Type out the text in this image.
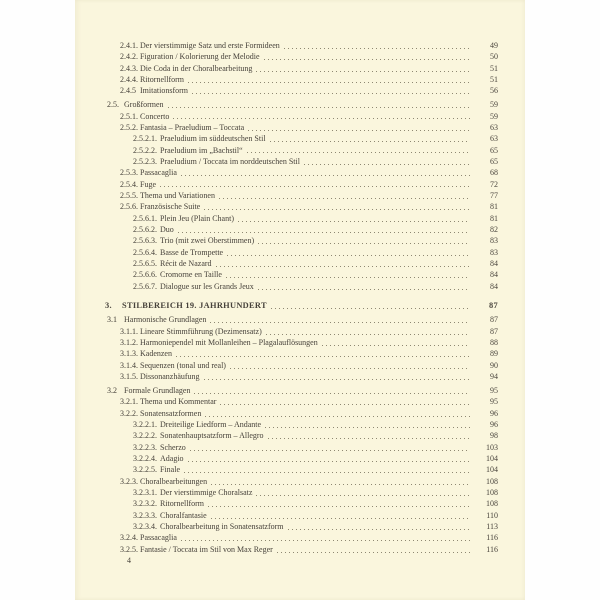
2.4.1. Der vierstimmige Satz und erste Formideen	49
2.4.2. Figuration / Kolorierung der Melodie	50
2.4.3. Die Coda in der Choralbearbeitung	51
2.4.4. Ritornellform	51
2.4.5 Imitationsform	56
2.5. Großformen	59
2.5.1. Concerto	59
2.5.2. Fantasia – Praeludium – Toccata	63
2.5.2.1. Praeludium im süddeutschen Stil	63
2.5.2.2. Praeludium im „Bachstil“	65
2.5.2.3. Praeludium / Toccata im norddeutschen Stil	65
2.5.3. Passacaglia	68
2.5.4. Fuge	72
2.5.5. Thema und Variationen	77
2.5.6. Französische Suite	81
2.5.6.1. Plein Jeu (Plain Chant)	81
2.5.6.2. Duo	82
2.5.6.3. Trio (mit zwei Oberstimmen)	83
2.5.6.4. Basse de Trompette	83
2.5.6.5. Récit de Nazard	84
2.5.6.6. Cromorne en Taille	84
2.5.6.7. Dialogue sur les Grands Jeux	84
3.	STILBEREICH 19. JAHRHUNDERT	87
3.1 Harmonische Grundlagen	87
3.1.1. Lineare Stimmführung (Dezimensatz)	87
3.1.2. Harmoniependel mit Mollanleihen – Plagalauflösungen	88
3.1.3. Kadenzen	89
3.1.4. Sequenzen (tonal und real)	90
3.1.5. Dissonanzhäufung	94
3.2 Formale Grundlagen	95
3.2.1. Thema und Kommentar	95
3.2.2. Sonatensatzformen	96
3.2.2.1. Dreiteilige Liedform – Andante	96
3.2.2.2. Sonatenhauptsatzform – Allegro	98
3.2.2.3. Scherzo	103
3.2.2.4. Adagio	104
3.2.2.5. Finale	104
3.2.3. Choralbearbeitungen	108
3.2.3.1. Der vierstimmige Choralsatz	108
3.2.3.2. Ritornellform	108
3.2.3.3. Choralfantasie	110
3.2.3.4. Choralbearbeitung in Sonatensatzform	113
3.2.4. Passacaglia	116
3.2.5. Fantasie / Toccata im Stil von Max Reger	116
4
